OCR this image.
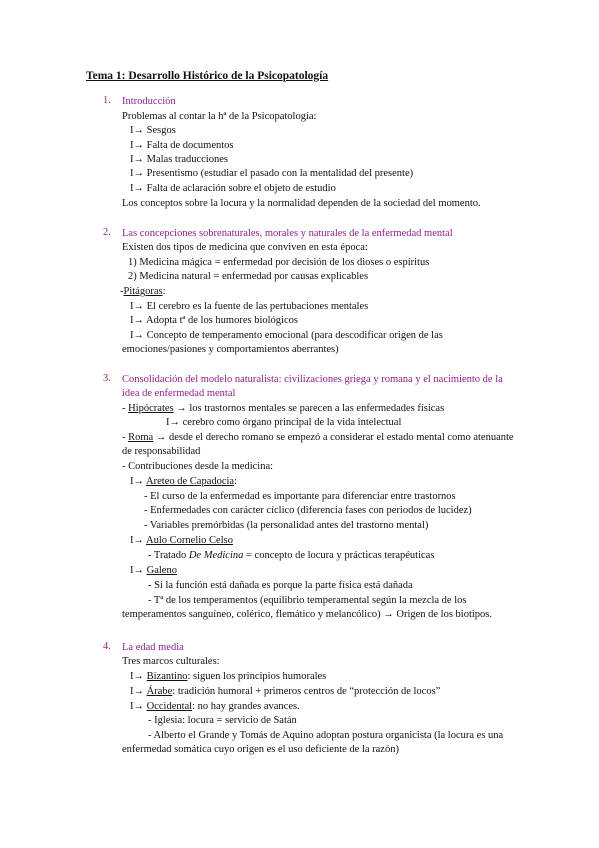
Tema 1: Desarrollo Histórico de la Psicopatología
1. Introducción
Problemas al contar la hª de la Psicopatología:
I→ Sesgos
I→ Falta de documentos
I→ Malas traducciones
I→ Presentismo (estudiar el pasado con la mentalidad del presente)
I→ Falta de aclaración sobre el objeto de estudio
Los conceptos sobre la locura y la normalidad dependen de la sociedad del momento.
2. Las concepciones sobrenaturales, morales y naturales de la enfermedad mental
Existen dos tipos de medicina que conviven en esta época:
1) Medicina mágica = enfermedad por decisión de los dioses o espíritus
2) Medicina natural = enfermedad por causas explicables
-Pitágoras:
I→ El cerebro es la fuente de las pertubaciones mentales
I→ Adopta tª de los humores biológicos
I→ Concepto de temperamento emocional (para descodificar origen de las emociones/pasiones y comportamientos aberrantes)
3. Consolidación del modelo naturalista: civilizaciones griega y romana y el nacimiento de la idea de enfermedad mental
- Hipócrates → los trastornos mentales se parecen a las enfermedades físicas
I→ cerebro como órgano principal de la vida intelectual
- Roma → desde el derecho romano se empezó a considerar el estado mental como atenuante de responsabilidad
- Contribuciones desde la medicina:
I→ Areteo de Capadocia:
- El curso de la enfermedad es importante para diferenciar entre trastornos
- Enfermedades con carácter cíclico (diferencia fases con periodos de lucidez)
- Variables premórbidas (la personalidad antes del trastorno mental)
I→ Aulo Cornelio Celso
- Tratado De Medicina = concepto de locura y prácticas terapéuticas
I→ Galeno
- Si la función está dañada es porque la parte física está dañada
- Tª de los temperamentos (equilibrio temperamental según la mezcla de los temperamentos sanguíneo, colérico, flemático y melancólico) → Origen de los biotipos.
4. La edad media
Tres marcos culturales:
I→ Bizantino: siguen los principios humorales
I→ Árabe: tradición humoral + primeros centros de “protección de locos”
I→ Occidental: no hay grandes avances.
- Iglesia: locura = servicio de Satán
- Alberto el Grande y Tomás de Aquino adoptan postura organicista (la locura es una enfermedad somática cuyo origen es el uso deficiente de la razón)
